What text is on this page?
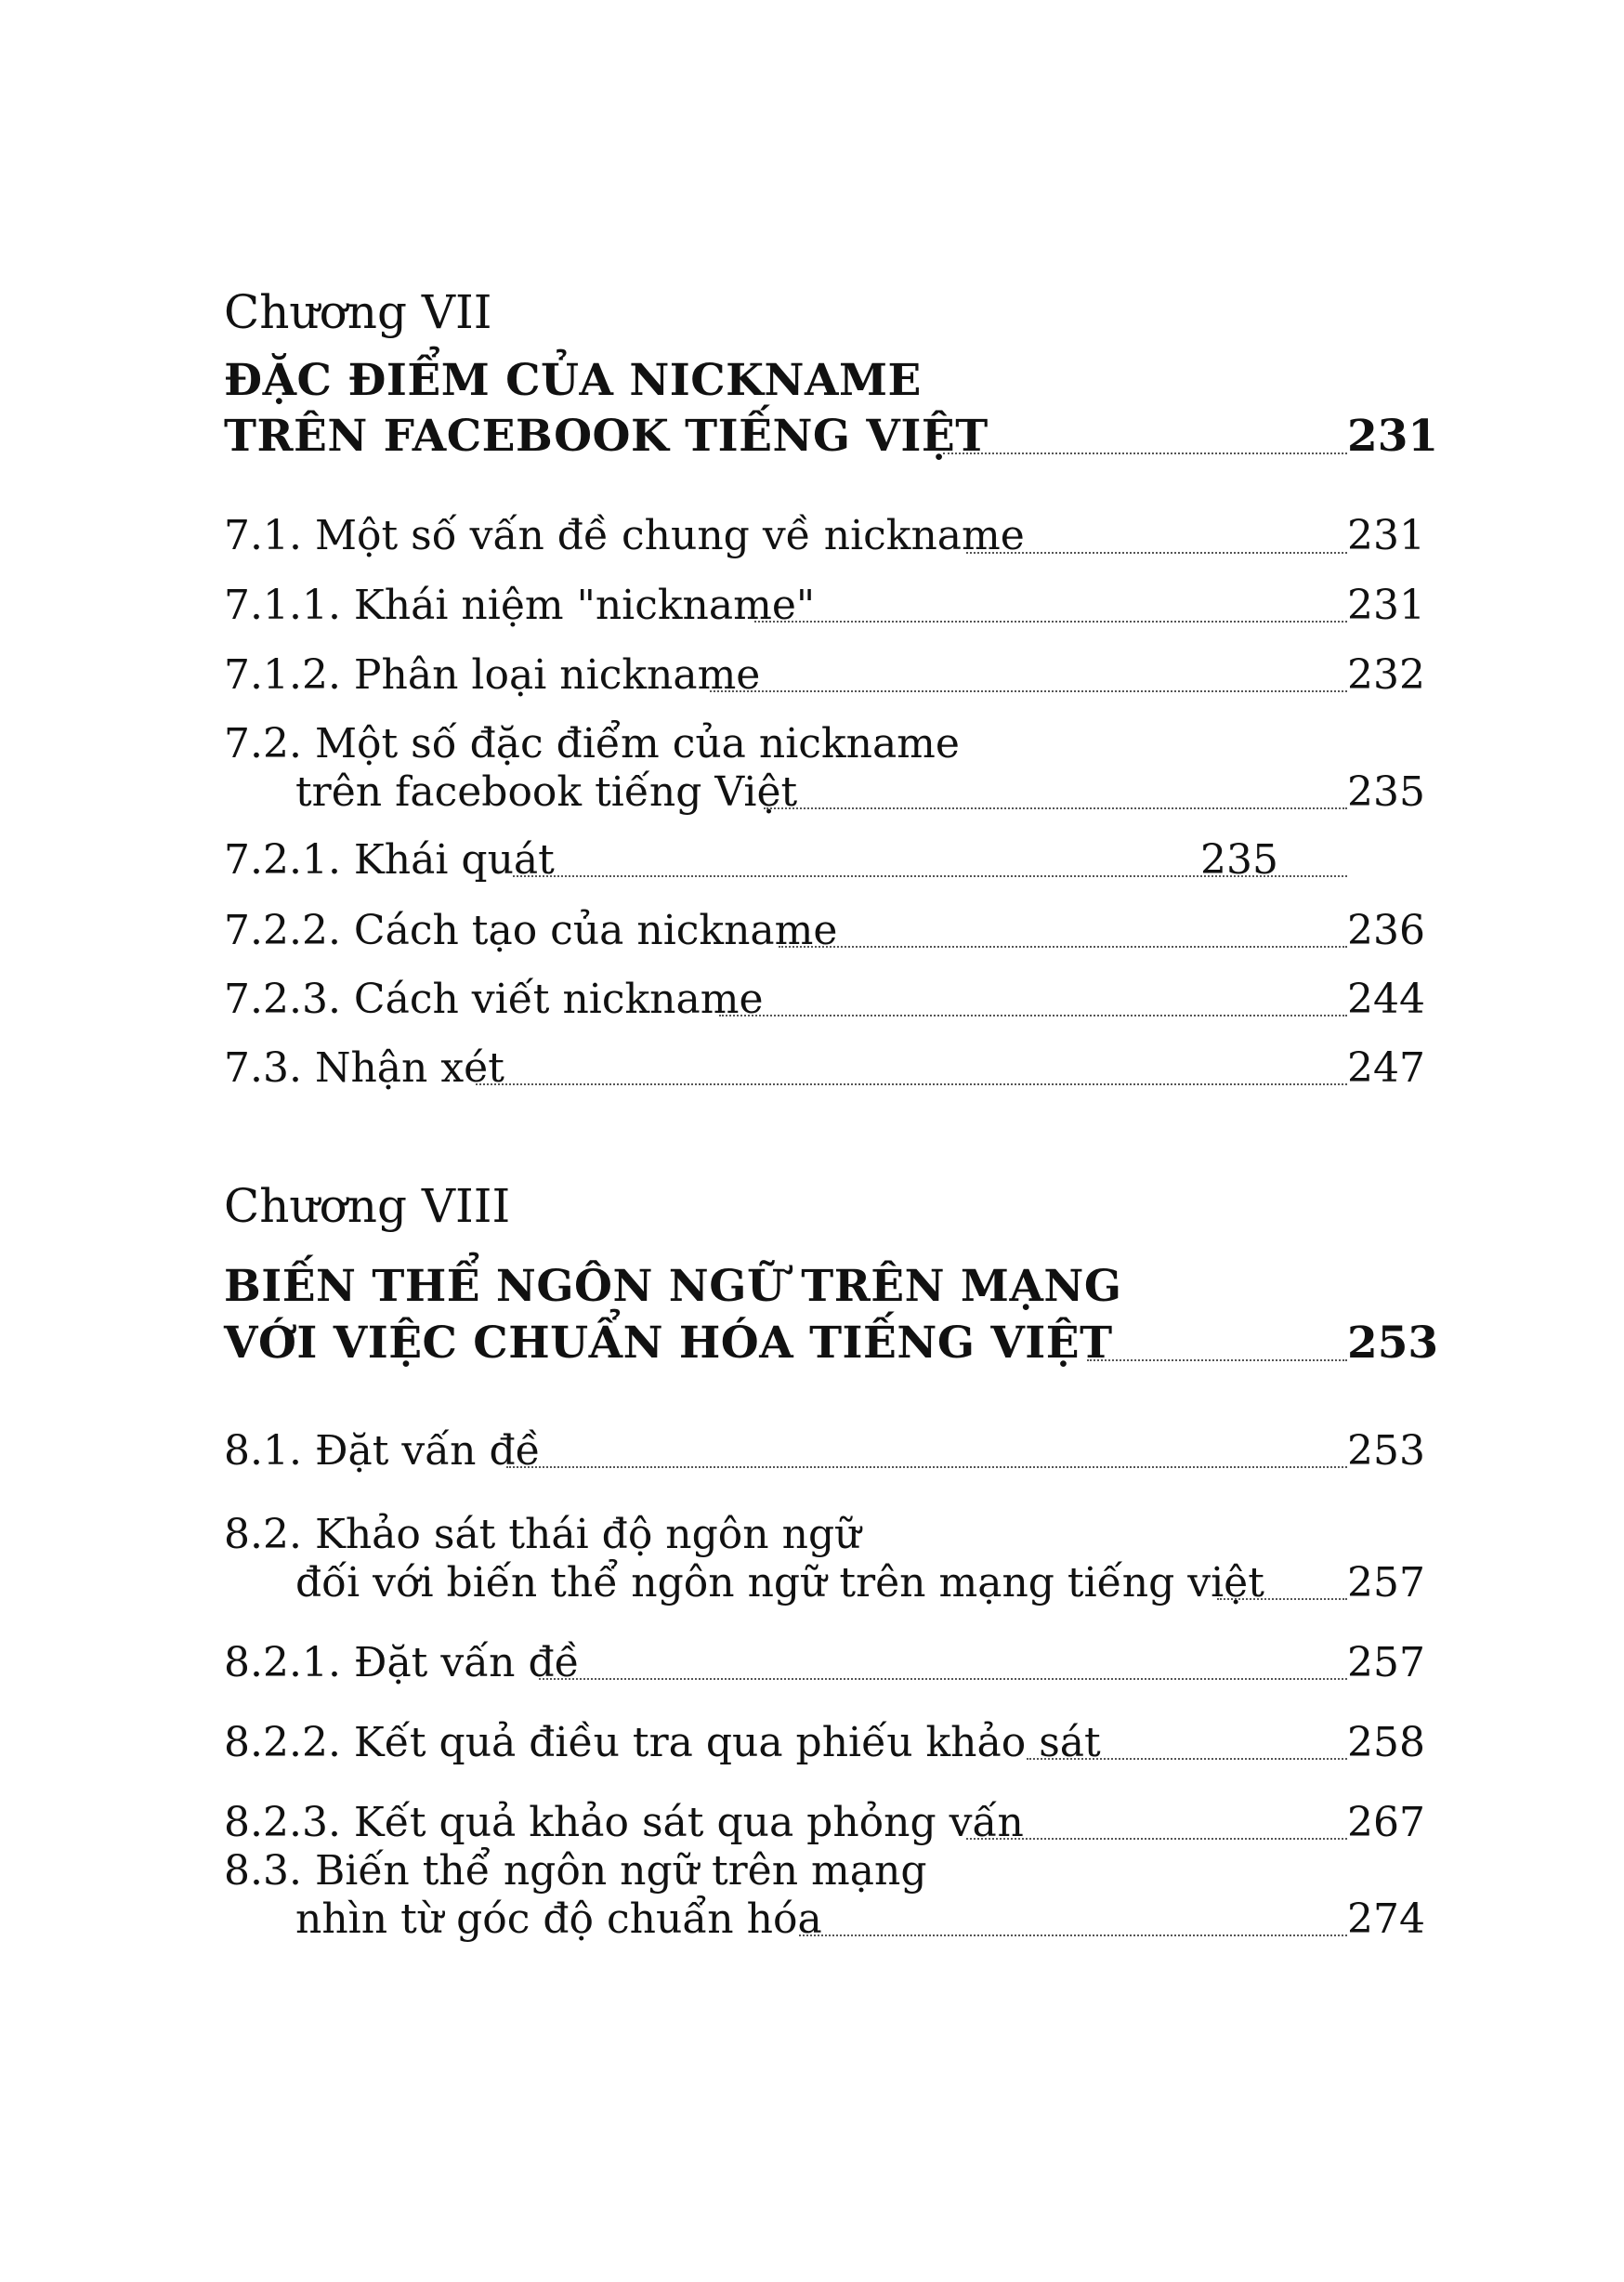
Chương VII
ĐẶC ĐIỂM CỦA NICKNAME
TRÊN FACEBOOK TIẾNG VIỆT	231
7.1. Một số vấn đề chung về nickname	231
7.1.1. Khái niệm "nickname"	231
7.1.2. Phân loại nickname	232
7.2. Một số đặc điểm của nickname
trên facebook tiếng Việt	235
7.2.1. Khái quát	235
7.2.2. Cách tạo của nickname	236
7.2.3. Cách viết nickname	244
7.3. Nhận xét	247
Chương VIII
BIẾN THỂ NGÔN NGỮ TRÊN MẠNG
VỚI VIỆC CHUẨN HÓA TIẾNG VIỆT	253
8.1. Đặt vấn đề	253
8.2. Khảo sát thái độ ngôn ngữ
đối với biến thể ngôn ngữ trên mạng tiếng việt 257
8.2.1. Đặt vấn đề	257
8.2.2. Kết quả điều tra qua phiếu khảo sát	258
8.2.3. Kết quả khảo sát qua phỏng vấn	267
8.3. Biến thể ngôn ngữ trên mạng
nhìn từ góc độ chuẩn hóa	274
